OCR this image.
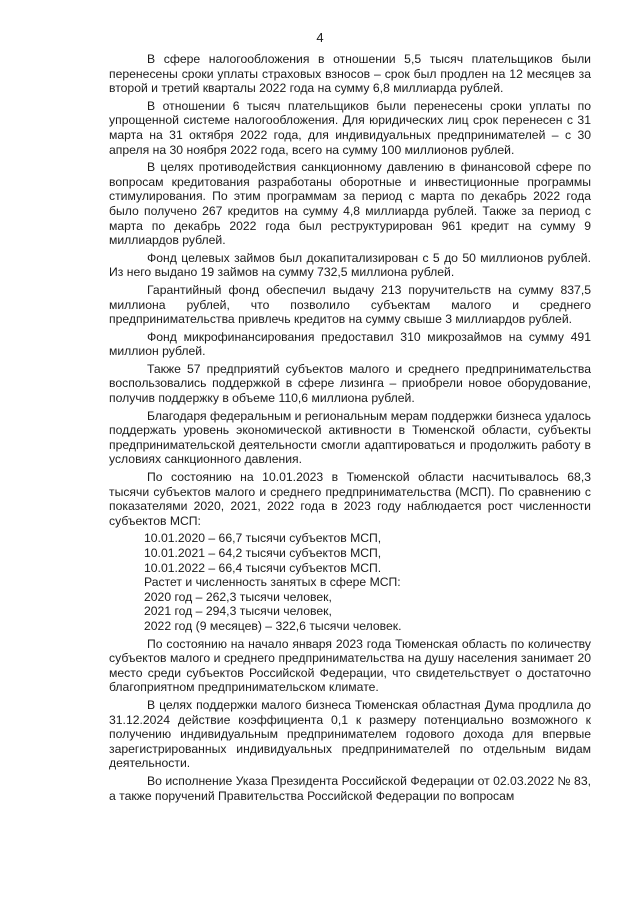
4

В сфере налогообложения в отношении 5,5 тысяч плательщиков были перенесены сроки уплаты страховых взносов – срок был продлен на 12 месяцев за второй и третий кварталы 2022 года на сумму 6,8 миллиарда рублей.

В отношении 6 тысяч плательщиков были перенесены сроки уплаты по упрощенной системе налогообложения. Для юридических лиц срок перенесен с 31 марта на 31 октября 2022 года, для индивидуальных предпринимателей – с 30 апреля на 30 ноября 2022 года, всего на сумму 100 миллионов рублей.

В целях противодействия санкционному давлению в финансовой сфере по вопросам кредитования разработаны оборотные и инвестиционные программы стимулирования. По этим программам за период с марта по декабрь 2022 года было получено 267 кредитов на сумму 4,8 миллиарда рублей. Также за период с марта по декабрь 2022 года был реструктурирован 961 кредит на сумму 9 миллиардов рублей.

Фонд целевых займов был докапитализирован с 5 до 50 миллионов рублей. Из него выдано 19 займов на сумму 732,5 миллиона рублей.

Гарантийный фонд обеспечил выдачу 213 поручительств на сумму 837,5 миллиона рублей, что позволило субъектам малого и среднего предпринимательства привлечь кредитов на сумму свыше 3 миллиардов рублей.

Фонд микрофинансирования предоставил 310 микрозаймов на сумму 491 миллион рублей.

Также 57 предприятий субъектов малого и среднего предпринимательства воспользовались поддержкой в сфере лизинга – приобрели новое оборудование, получив поддержку в объеме 110,6 миллиона рублей.

Благодаря федеральным и региональным мерам поддержки бизнеса удалось поддержать уровень экономической активности в Тюменской области, субъекты предпринимательской деятельности смогли адаптироваться и продолжить работу в условиях санкционного давления.

По состоянию на 10.01.2023 в Тюменской области насчитывалось 68,3 тысячи субъектов малого и среднего предпринимательства (МСП). По сравнению с показателями 2020, 2021, 2022 года в 2023 году наблюдается рост численности субъектов МСП:

10.01.2020 – 66,7 тысячи субъектов МСП,

10.01.2021 – 64,2 тысячи субъектов МСП,

10.01.2022 – 66,4 тысячи субъектов МСП.

Растет и численность занятых в сфере МСП:

2020 год – 262,3 тысячи человек,

2021 год – 294,3 тысячи человек,

2022 год (9 месяцев) – 322,6 тысячи человек.

По состоянию на начало января 2023 года Тюменская область по количеству субъектов малого и среднего предпринимательства на душу населения занимает 20 место среди субъектов Российской Федерации, что свидетельствует о достаточно благоприятном предпринимательском климате.

В целях поддержки малого бизнеса Тюменская областная Дума продлила до 31.12.2024 действие коэффициента 0,1 к размеру потенциально возможного к получению индивидуальным предпринимателем годового дохода для впервые зарегистрированных индивидуальных предпринимателей по отдельным видам деятельности.

Во исполнение Указа Президента Российской Федерации от 02.03.2022 № 83, а также поручений Правительства Российской Федерации по вопросам
